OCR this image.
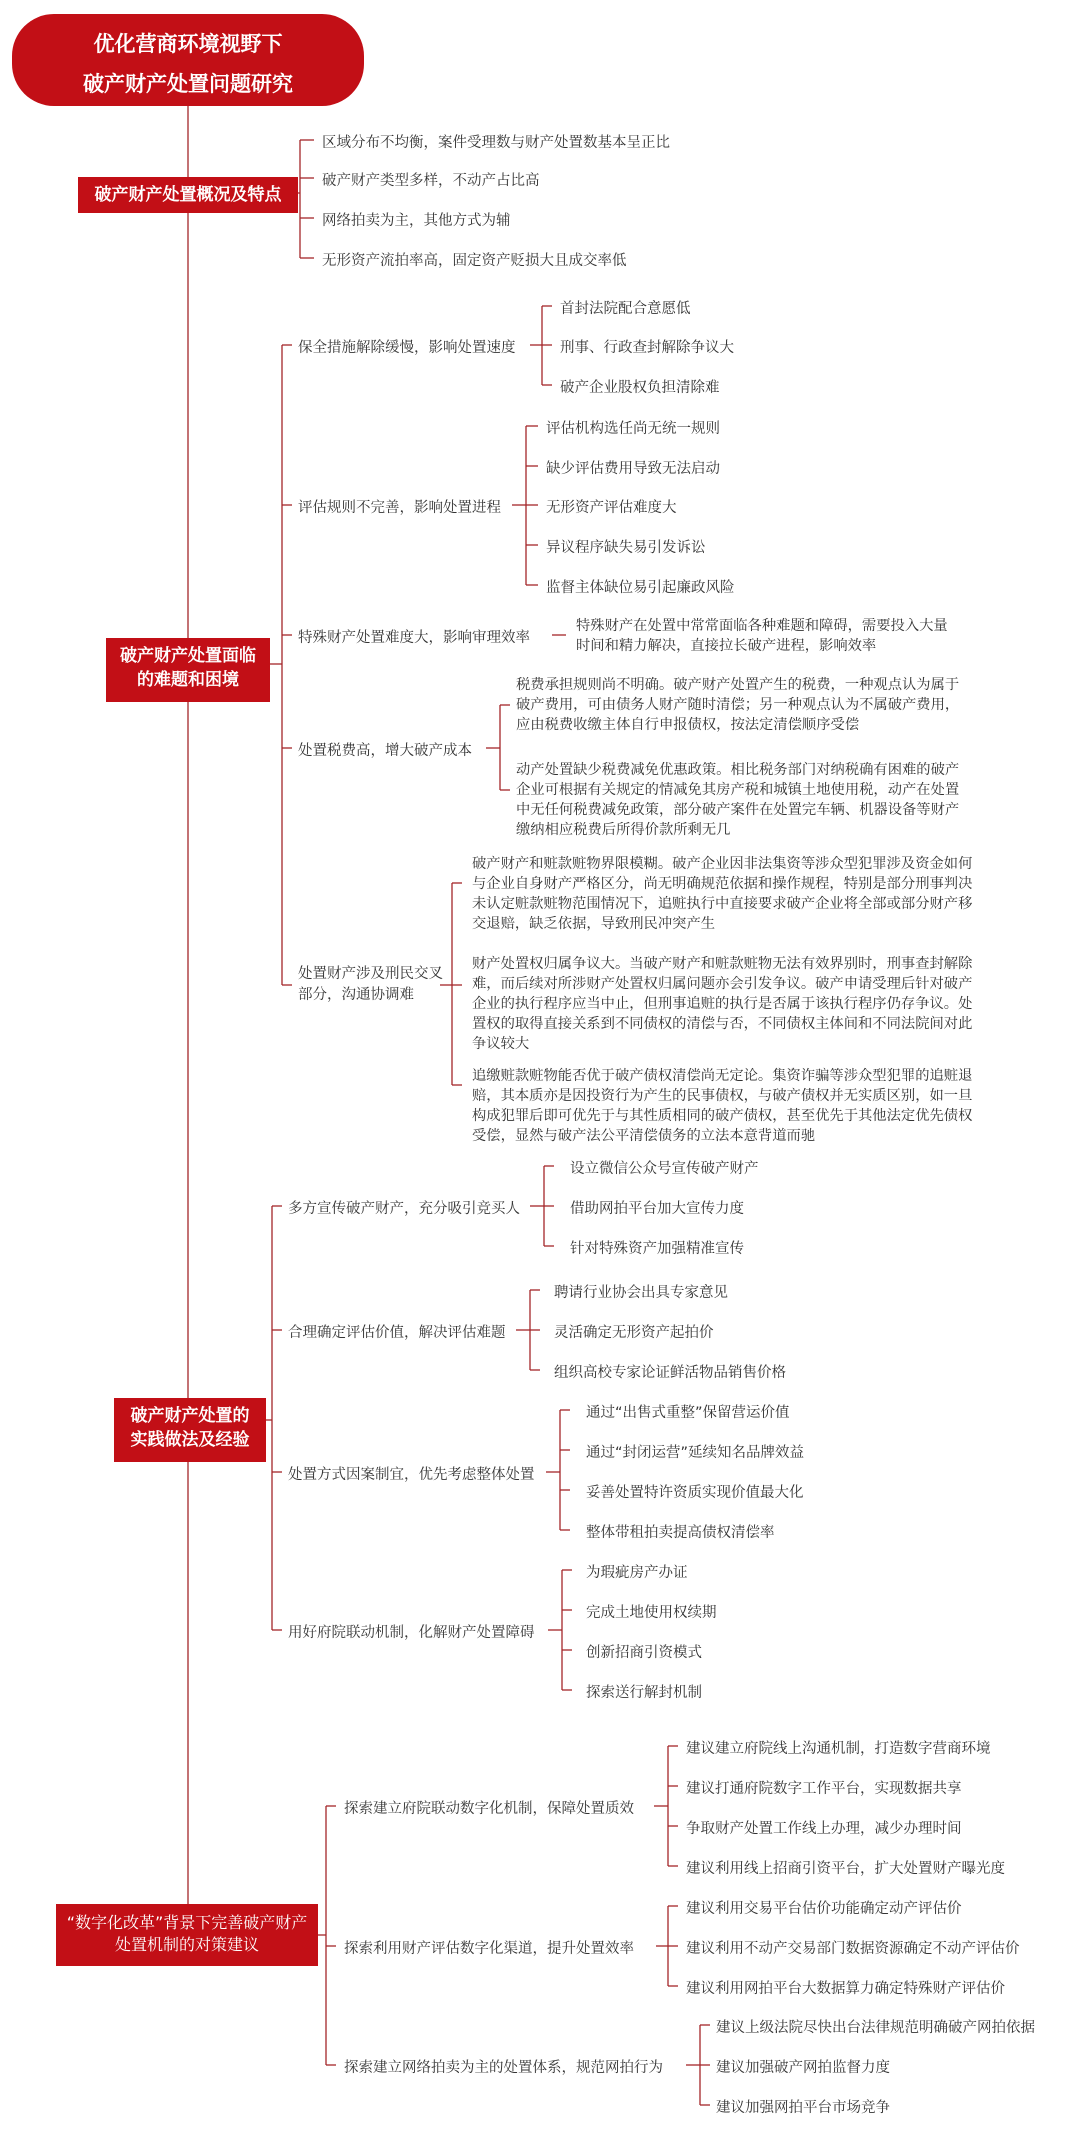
优化营商环境视野下
破产财产处置问题研究
破产财产处置概况及特点
区域分布不均衡，案件受理数与财产处置数基本呈正比
破产财产类型多样，不动产占比高
网络拍卖为主，其他方式为辅
无形资产流拍率高，固定资产贬损大且成交率低
破产财产处置面临的难题和困境
保全措施解除缓慢，影响处置速度
首封法院配合意愿低
刑事、行政查封解除争议大
破产企业股权负担清除难
评估规则不完善，影响处置进程
评估机构选任尚无统一规则
缺少评估费用导致无法启动
无形资产评估难度大
异议程序缺失易引发诉讼
监督主体缺位易引起廉政风险
特殊财产处置难度大，影响审理效率
特殊财产在处置中常常面临各种难题和障碍，需要投入大量时间和精力解决，直接拉长破产进程，影响效率
处置税费高，增大破产成本
税费承担规则尚不明确。破产财产处置产生的税费，一种观点认为属于破产费用，可由债务人财产随时清偿；另一种观点认为不属破产费用，应由税费收缴主体自行申报债权，按法定清偿顺序受偿
动产处置缺少税费减免优惠政策。相比税务部门对纳税确有困难的破产企业可根据有关规定的情减免其房产税和城镇土地使用税，动产在处置中无任何税费减免政策，部分破产案件在处置完车辆、机器设备等财产缴纳相应税费后所得价款所剩无几
处置财产涉及刑民交叉部分，沟通协调难
破产财产和赃款赃物界限模糊。破产企业因非法集资等涉众型犯罪涉及资金如何与企业自身财产严格区分，尚无明确规范依据和操作规程，特别是部分刑事判决未认定赃款赃物范围情况下，追赃执行中直接要求破产企业将全部或部分财产移交退赔，缺乏依据，导致刑民冲突产生
财产处置权归属争议大。当破产财产和赃款赃物无法有效界别时，刑事查封解除难，而后续对所涉财产处置权归属问题亦会引发争议。破产申请受理后针对破产企业的执行程序应当中止，但刑事追赃的执行是否属于该执行程序仍存争议。处置权的取得直接关系到不同债权的清偿与否，不同债权主体间和不同法院间对此争议较大
追缴赃款赃物能否优于破产债权清偿尚无定论。集资诈骗等涉众型犯罪的追赃退赔，其本质亦是因投资行为产生的民事债权，与破产债权并无实质区别，如一旦构成犯罪后即可优先于与其性质相同的破产债权，甚至优先于其他法定优先债权受偿，显然与破产法公平清偿债务的立法本意背道而驰
破产财产处置的实践做法及经验
多方宣传破产财产，充分吸引竞买人
设立微信公众号宣传破产财产
借助网拍平台加大宣传力度
针对特殊资产加强精准宣传
合理确定评估价值，解决评估难题
聘请行业协会出具专家意见
灵活确定无形资产起拍价
组织高校专家论证鲜活物品销售价格
处置方式因案制宜，优先考虑整体处置
通过“出售式重整”保留营运价值
通过“封闭运营”延续知名品牌效益
妥善处置特许资质实现价值最大化
整体带租拍卖提高债权清偿率
用好府院联动机制，化解财产处置障碍
为瑕疵房产办证
完成土地使用权续期
创新招商引资模式
探索送行解封机制
“数字化改革”背景下完善破产财产处置机制的对策建议
探索建立府院联动数字化机制，保障处置质效
建议建立府院线上沟通机制，打造数字营商环境
建议打通府院数字工作平台，实现数据共享
争取财产处置工作线上办理，减少办理时间
建议利用线上招商引资平台，扩大处置财产曝光度
探索利用财产评估数字化渠道，提升处置效率
建议利用交易平台估价功能确定动产评估价
建议利用不动产交易部门数据资源确定不动产评估价
建议利用网拍平台大数据算力确定特殊财产评估价
探索建立网络拍卖为主的处置体系，规范网拍行为
建议上级法院尽快出台法律规范明确破产网拍依据
建议加强破产网拍监督力度
建议加强网拍平台市场竞争
